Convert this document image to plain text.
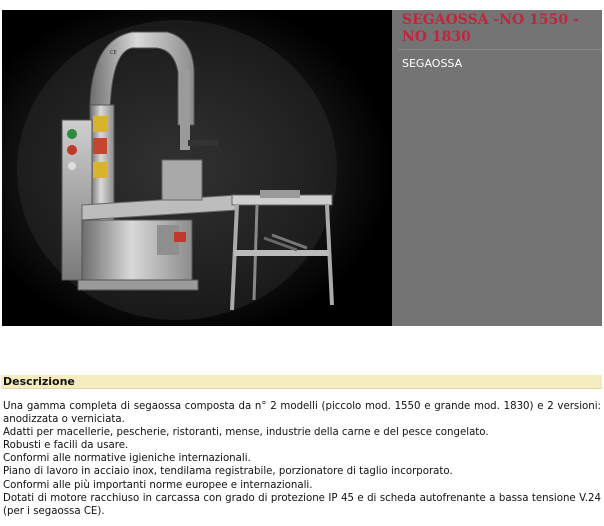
CE
SEGAOSSA -NO 1550 - NO 1830
SEGAOSSA
Descrizione

Una gamma completa di segaossa composta da n° 2 modelli (piccolo mod. 1550 e grande mod. 1830) e 2 versioni: anodizzata o verniciata.

Adatti per macellerie, pescherie, ristoranti, mense, industrie della carne e del pesce congelato.

Robusti e facili da usare.

Conformi alle normative igieniche internazionali.

Piano di lavoro in acciaio inox, tendilama registrabile, porzionatore di taglio incorporato.

Conformi alle più importanti norme europee e internazionali.

Dotati di motore racchiuso in carcassa con grado di protezione IP 45 e di scheda autofrenante a bassa tensione V.24 (per i segaossa CE).
